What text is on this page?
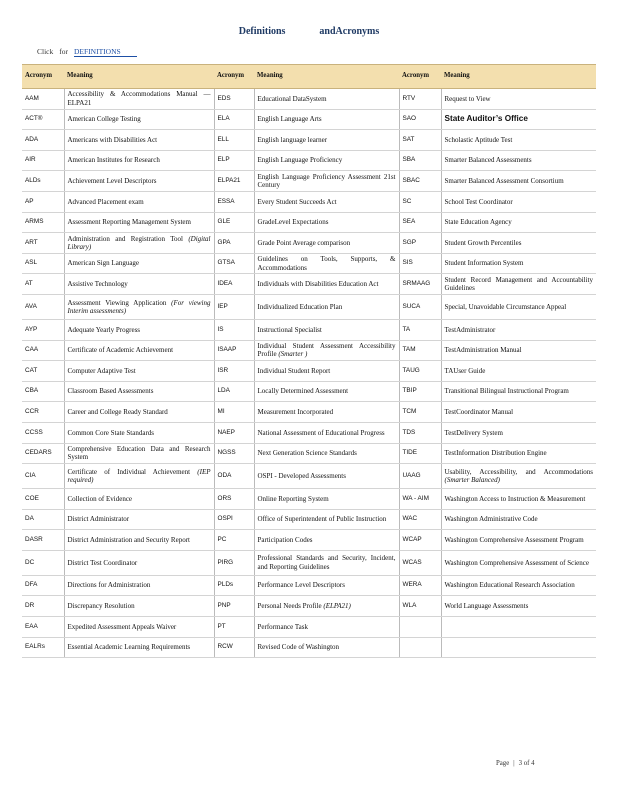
Definitions	andAcronyms
Click for DEFINITIONS
Acronym	Meaning	Acronym	Meaning	Acronym	Meaning
AAM	Accessibility & Accommodations Manual —ELPA21	EDS	Educational DataSystem	RTV	Request to View
ACT®	American College Testing	ELA	English Language Arts	SAO	State Auditor’s Office
ADA	Americans with Disabilities Act	ELL	English language learner	SAT	Scholastic Aptitude Test
AIR	American Institutes for Research	ELP	English Language Proficiency	SBA	Smarter Balanced Assessments
ALDs	Achievement Level Descriptors	ELPA21	English Language Proficiency Assessment 21st Century	SBAC	Smarter Balanced Assessment Consortium
AP	Advanced Placement exam	ESSA	Every Student Succeeds Act	SC	School Test Coordinator
ARMS	Assessment Reporting Management System	GLE	GradeLevel Expectations	SEA	State Education Agency
ART	Administration and Registration Tool (Digital Library)	GPA	Grade Point Average comparison	SGP	Student Growth Percentiles
ASL	American Sign Language	GTSA	Guidelines on Tools, Supports, & Accommodations	SIS	Student Information System
AT	Assistive Technology	IDEA	Individuals with Disabilities Education Act	SRMAAG	Student Record Management and Accountability Guidelines
AVA	Assessment Viewing Application (For viewing Interim assessments)	IEP	Individualized Education Plan	SUCA	Special, Unavoidable Circumstance Appeal
AYP	Adequate Yearly Progress	IS	Instructional Specialist	TA	TestAdministrator
CAA	Certificate of Academic Achievement	ISAAP	Individual Student Assessment Accessibility Profile (Smarter )	TAM	TestAdministration Manual
CAT	Computer Adaptive Test	ISR	Individual Student Report	TAUG	TAUser Guide
CBA	Classroom Based Assessments	LDA	Locally Determined Assessment	TBIP	Transitional Bilingual Instructional Program
CCR	Career and College Ready Standard	MI	Measurement Incorporated	TCM	TestCoordinator Manual
CCSS	Common Core State Standards	NAEP	National Assessment of Educational Progress	TDS	TestDelivery System
CEDARS	Comprehensive Education Data and Research System	NGSS	Next Generation Science Standards	TIDE	TestInformation Distribution Engine
CIA	Certificate of Individual Achievement (IEP required)	ODA	OSPI - Developed Assessments	UAAG	Usability, Accessibility, and Accommodations (Smarter Balanced)
COE	Collection of Evidence	ORS	Online Reporting System	WA - AIM	Washington Access to Instruction & Measurement
DA	District Administrator	OSPI	Office of Superintendent of Public Instruction	WAC	Washington Administrative Code
DASR	District Administration and Security Report	PC	Participation Codes	WCAP	Washington Comprehensive Assessment Program
DC	District Test Coordinator	PIRG	Professional Standards and Security, Incident, and Reporting Guidelines	WCAS	Washington Comprehensive Assessment of Science
DFA	Directions for Administration	PLDs	Performance Level Descriptors	WERA	Washington Educational Research Association
DR	Discrepancy Resolution	PNP	Personal Needs Profile (ELPA21)	WLA	World Language Assessments
EAA	Expedited Assessment Appeals Waiver	PT	Performance Task		
EALRs	Essential Academic Learning Requirements	RCW	Revised Code of Washington		
Page | 3 of 4
